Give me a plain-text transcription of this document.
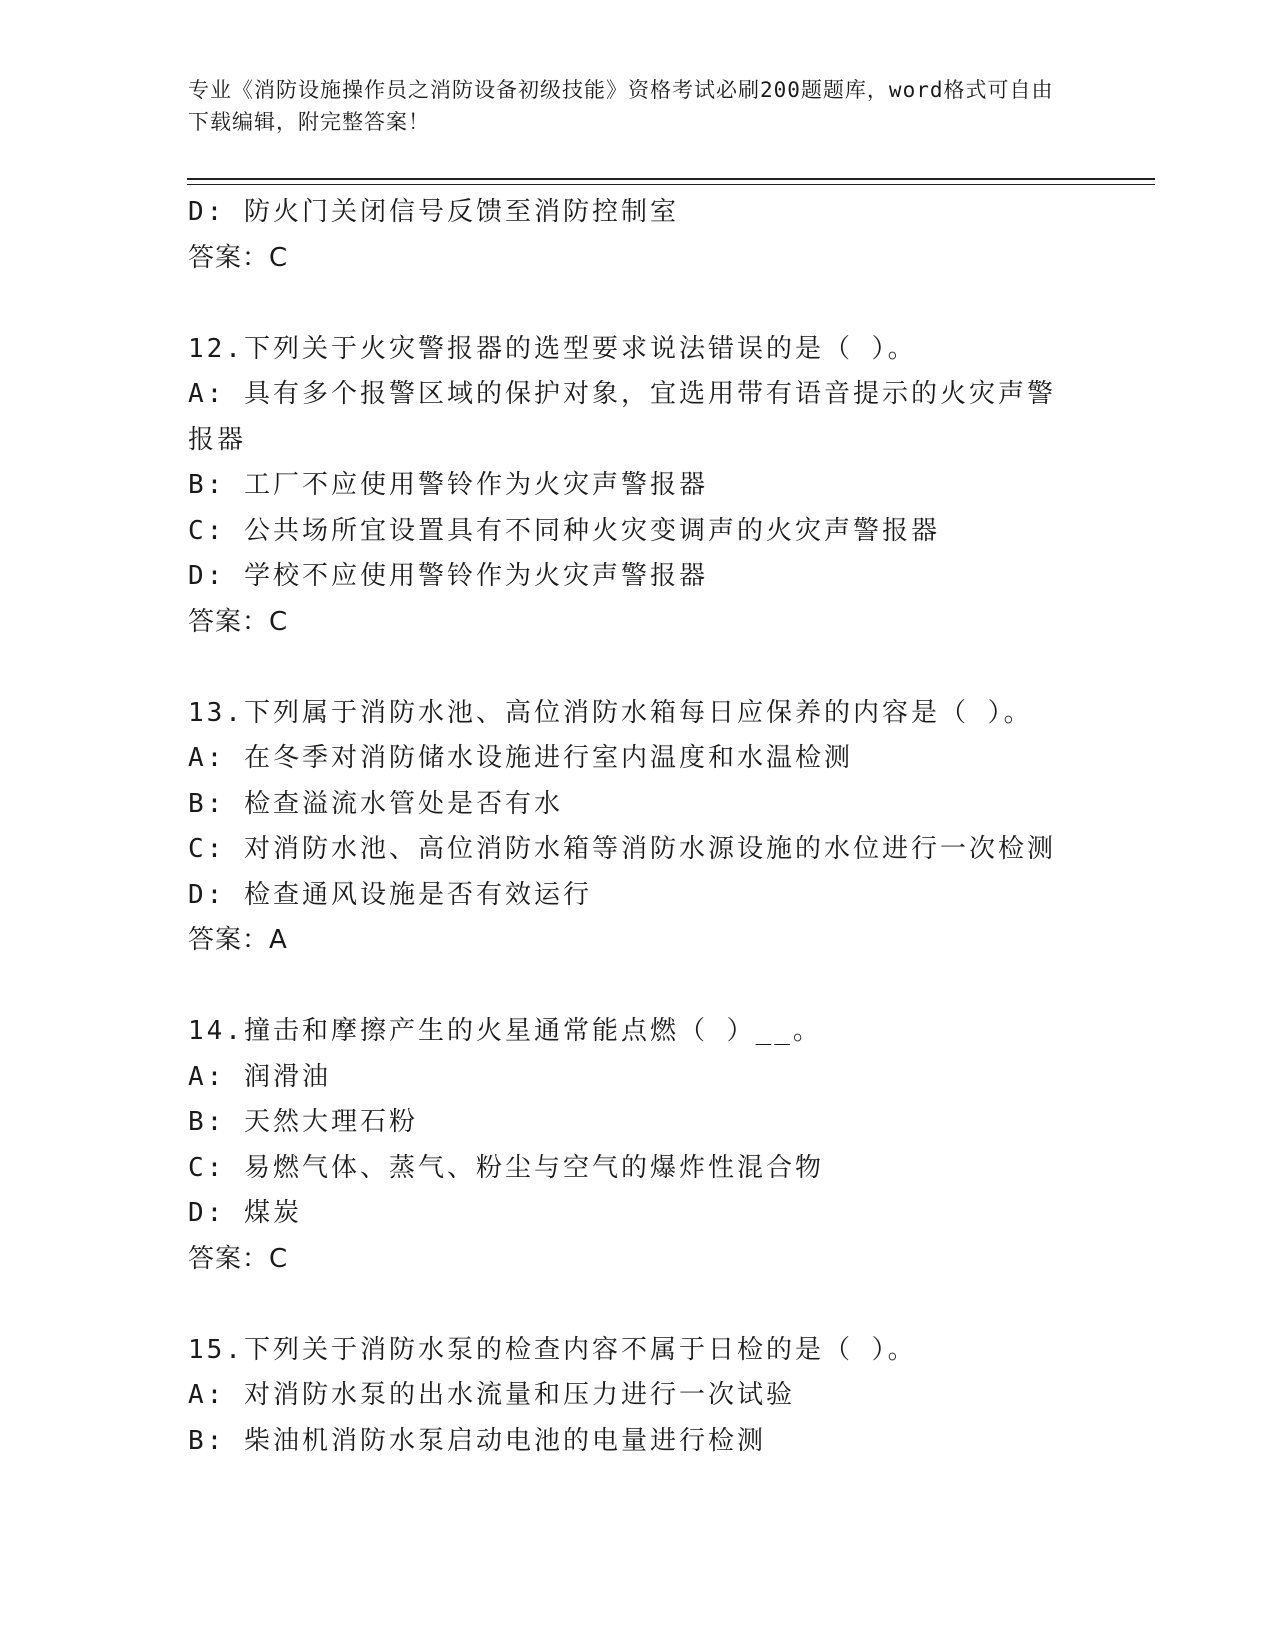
专业《消防设施操作员之消防设备初级技能》资格考试必刷200题题库，word格式可自由下载编辑，附完整答案！
D: 防火门关闭信号反馈至消防控制室
答案：C
12.下列关于火灾警报器的选型要求说法错误的是（ ）。
A: 具有多个报警区域的保护对象，宜选用带有语音提示的火灾声警报器
B: 工厂不应使用警铃作为火灾声警报器
C: 公共场所宜设置具有不同种火灾变调声的火灾声警报器
D: 学校不应使用警铃作为火灾声警报器
答案：C
13.下列属于消防水池、高位消防水箱每日应保养的内容是（ ）。
A: 在冬季对消防储水设施进行室内温度和水温检测
B: 检查溢流水管处是否有水
C: 对消防水池、高位消防水箱等消防水源设施的水位进行一次检测
D: 检查通风设施是否有效运行
答案：A
14.撞击和摩擦产生的火星通常能点燃（ ）__。
A: 润滑油
B: 天然大理石粉
C: 易燃气体、蒸气、粉尘与空气的爆炸性混合物
D: 煤炭
答案：C
15.下列关于消防水泵的检查内容不属于日检的是（ ）。
A: 对消防水泵的出水流量和压力进行一次试验
B: 柴油机消防水泵启动电池的电量进行检测
